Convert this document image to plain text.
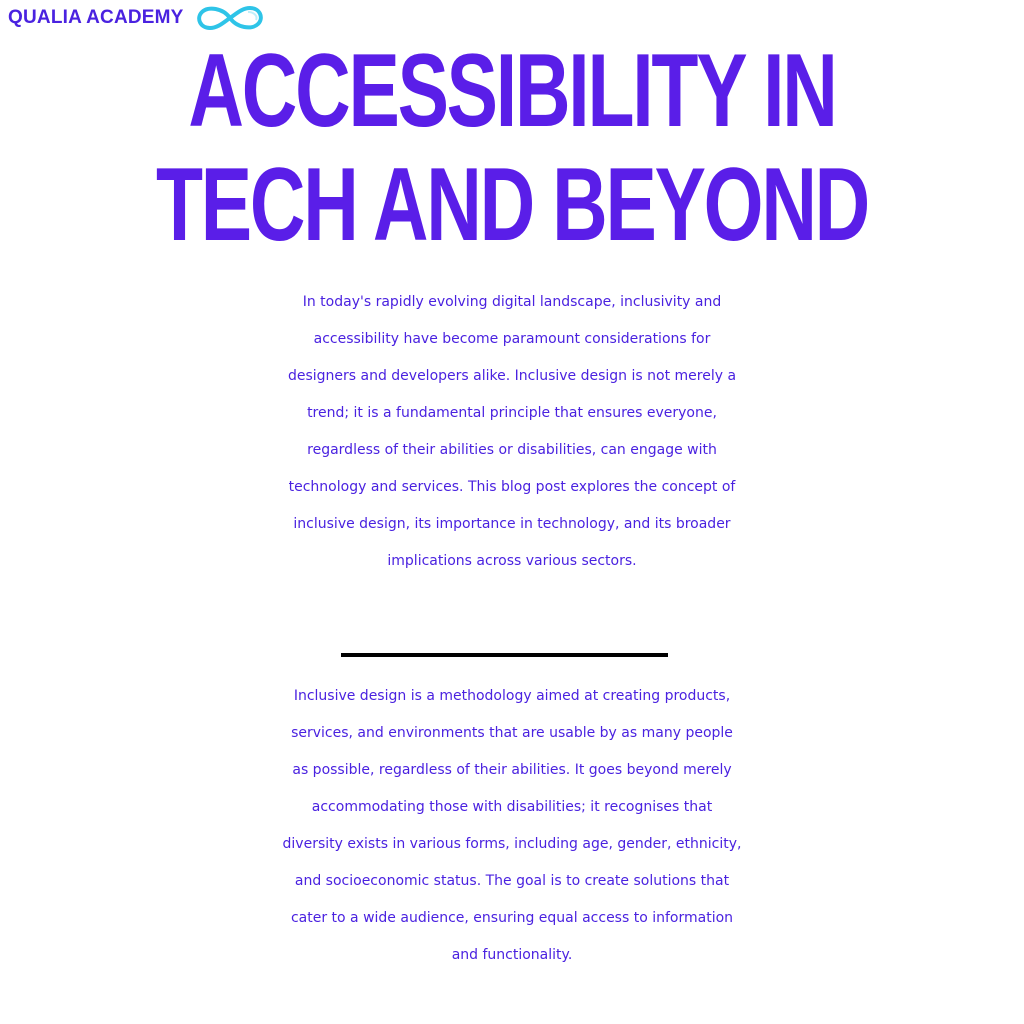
QUALIA ACADEMY
ACCESSIBILITY IN
TECH AND BEYOND

In today's rapidly evolving digital landscape, inclusivity and
accessibility have become paramount considerations for
designers and developers alike. Inclusive design is not merely a
trend; it is a fundamental principle that ensures everyone,
regardless of their abilities or disabilities, can engage with
technology and services. This blog post explores the concept of
inclusive design, its importance in technology, and its broader
implications across various sectors.

Inclusive design is a methodology aimed at creating products,
services, and environments that are usable by as many people
as possible, regardless of their abilities. It goes beyond merely
accommodating those with disabilities; it recognises that
diversity exists in various forms, including age, gender, ethnicity,
and socioeconomic status. The goal is to create solutions that
cater to a wide audience, ensuring equal access to information
and functionality.
